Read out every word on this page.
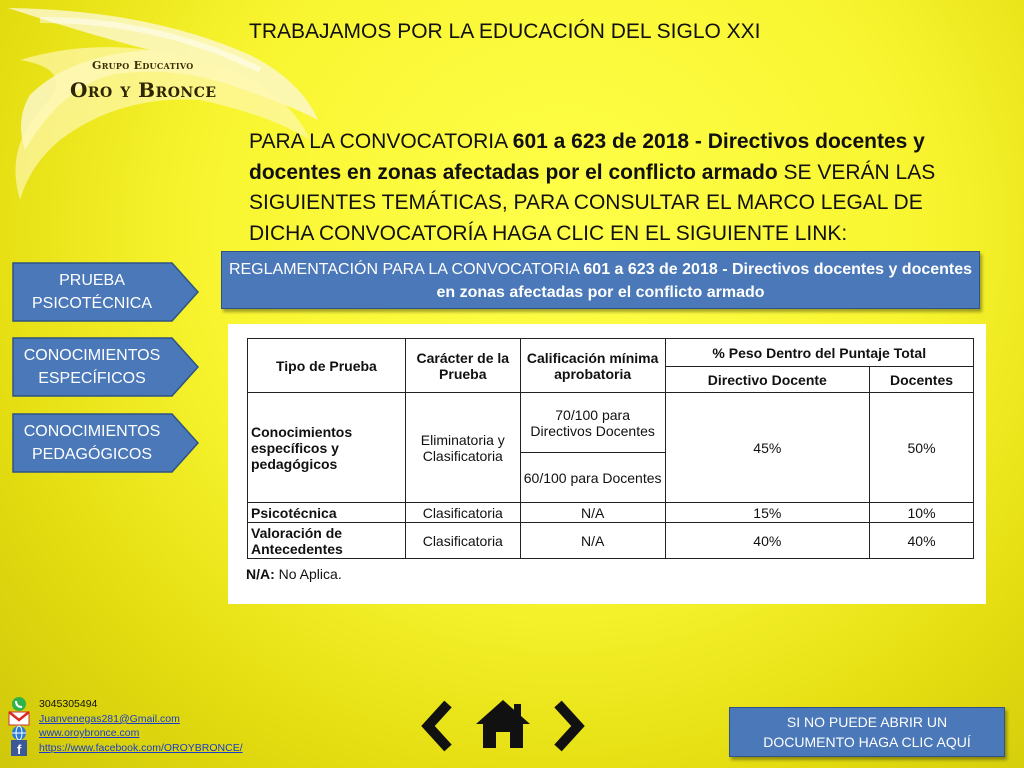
Grupo Educativo
Oro y Bronce
TRABAJAMOS POR LA EDUCACIÓN DEL SIGLO XXI
PARA LA CONVOCATORIA 601 a 623 de 2018 - Directivos docentes y docentes en zonas afectadas por el conflicto armado SE VERÁN LAS SIGUIENTES TEMÁTICAS, PARA CONSULTAR EL MARCO LEGAL DE DICHA CONVOCATORÍA HAGA CLIC EN EL SIGUIENTE LINK:
REGLAMENTACIÓN PARA LA CONVOCATORIA 601 a 623 de 2018 - Directivos docentes y docentes en zonas afectadas por el conflicto armado
PRUEBA
PSICOTÉCNICA
CONOCIMIENTOS
ESPECÍFICOS
CONOCIMIENTOS
PEDAGÓGICOS
Tipo de Prueba	Carácter de la Prueba	Calificación mínima aprobatoria	% Peso Dentro del Puntaje Total	
			Directivo Docente	Docentes
Conocimientos específicos y pedagógicos	Eliminatoria y Clasificatoria	70/100 para Directivos Docentes	45%	50%
		60/100 para Docentes		
Psicotécnica	Clasificatoria	N/A	15%	10%
Valoración de Antecedentes	Clasificatoria	N/A	40%	40%
N/A: No Aplica.
3045305494
Juanvenegas281@Gmail.com
www.oroybronce.com
f https://www.facebook.com/OROYBRONCE/
SI NO PUEDE ABRIR UN
DOCUMENTO HAGA CLIC AQUÍ
